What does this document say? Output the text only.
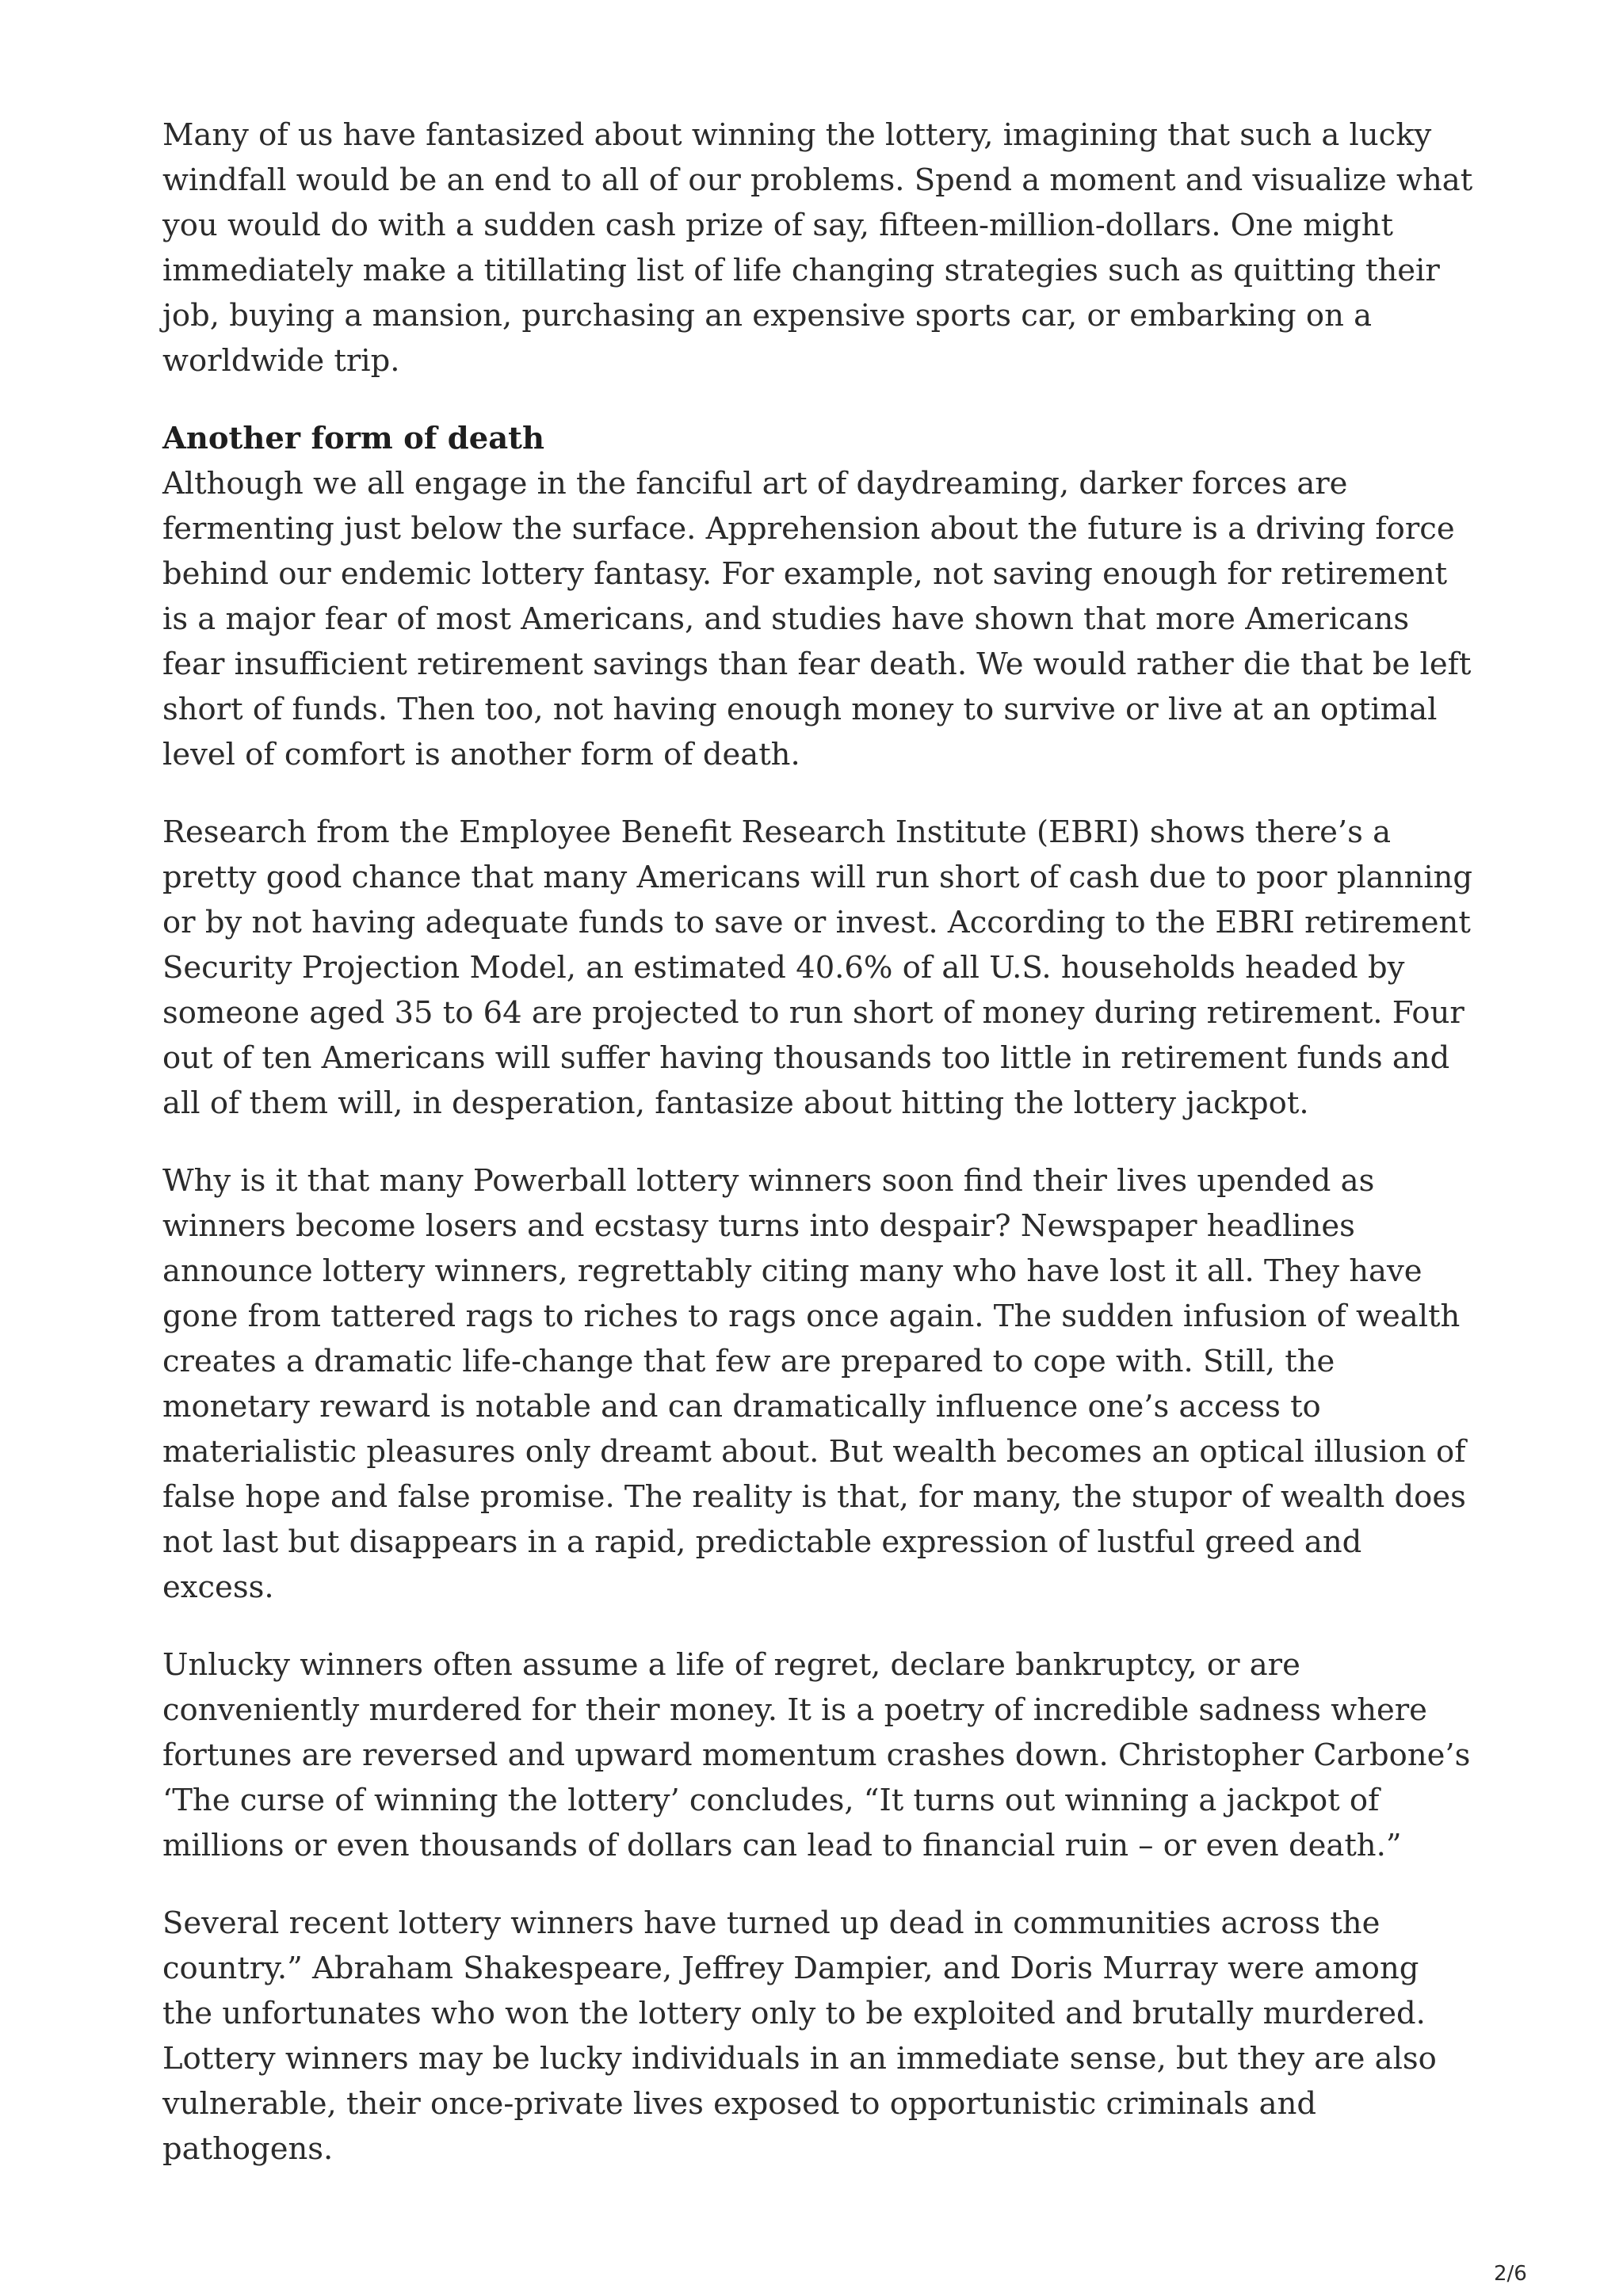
Many of us have fantasized about winning the lottery, imagining that such a lucky windfall would be an end to all of our problems. Spend a moment and visualize what you would do with a sudden cash prize of say, fifteen-million-dollars. One might immediately make a titillating list of life changing strategies such as quitting their job, buying a mansion, purchasing an expensive sports car, or embarking on a worldwide trip.

Another form of death

Although we all engage in the fanciful art of daydreaming, darker forces are fermenting just below the surface. Apprehension about the future is a driving force behind our endemic lottery fantasy. For example, not saving enough for retirement is a major fear of most Americans, and studies have shown that more Americans fear insufficient retirement savings than fear death. We would rather die that be left short of funds. Then too, not having enough money to survive or live at an optimal level of comfort is another form of death.

Research from the Employee Benefit Research Institute (EBRI) shows there’s a pretty good chance that many Americans will run short of cash due to poor planning or by not having adequate funds to save or invest. According to the EBRI retirement Security Projection Model, an estimated 40.6% of all U.S. households headed by someone aged 35 to 64 are projected to run short of money during retirement. Four out of ten Americans will suffer having thousands too little in retirement funds and all of them will, in desperation, fantasize about hitting the lottery jackpot.

Why is it that many Powerball lottery winners soon find their lives upended as winners become losers and ecstasy turns into despair? Newspaper headlines announce lottery winners, regrettably citing many who have lost it all. They have gone from tattered rags to riches to rags once again. The sudden infusion of wealth creates a dramatic life-change that few are prepared to cope with. Still, the monetary reward is notable and can dramatically influence one’s access to materialistic pleasures only dreamt about. But wealth becomes an optical illusion of false hope and false promise. The reality is that, for many, the stupor of wealth does not last but disappears in a rapid, predictable expression of lustful greed and excess.

Unlucky winners often assume a life of regret, declare bankruptcy, or are conveniently murdered for their money. It is a poetry of incredible sadness where fortunes are reversed and upward momentum crashes down. Christopher Carbone’s ‘The curse of winning the lottery’ concludes, “It turns out winning a jackpot of millions or even thousands of dollars can lead to financial ruin – or even death.”

Several recent lottery winners have turned up dead in communities across the country.” Abraham Shakespeare, Jeffrey Dampier, and Doris Murray were among the unfortunates who won the lottery only to be exploited and brutally murdered. Lottery winners may be lucky individuals in an immediate sense, but they are also vulnerable, their once-private lives exposed to opportunistic criminals and pathogens.

2/6
